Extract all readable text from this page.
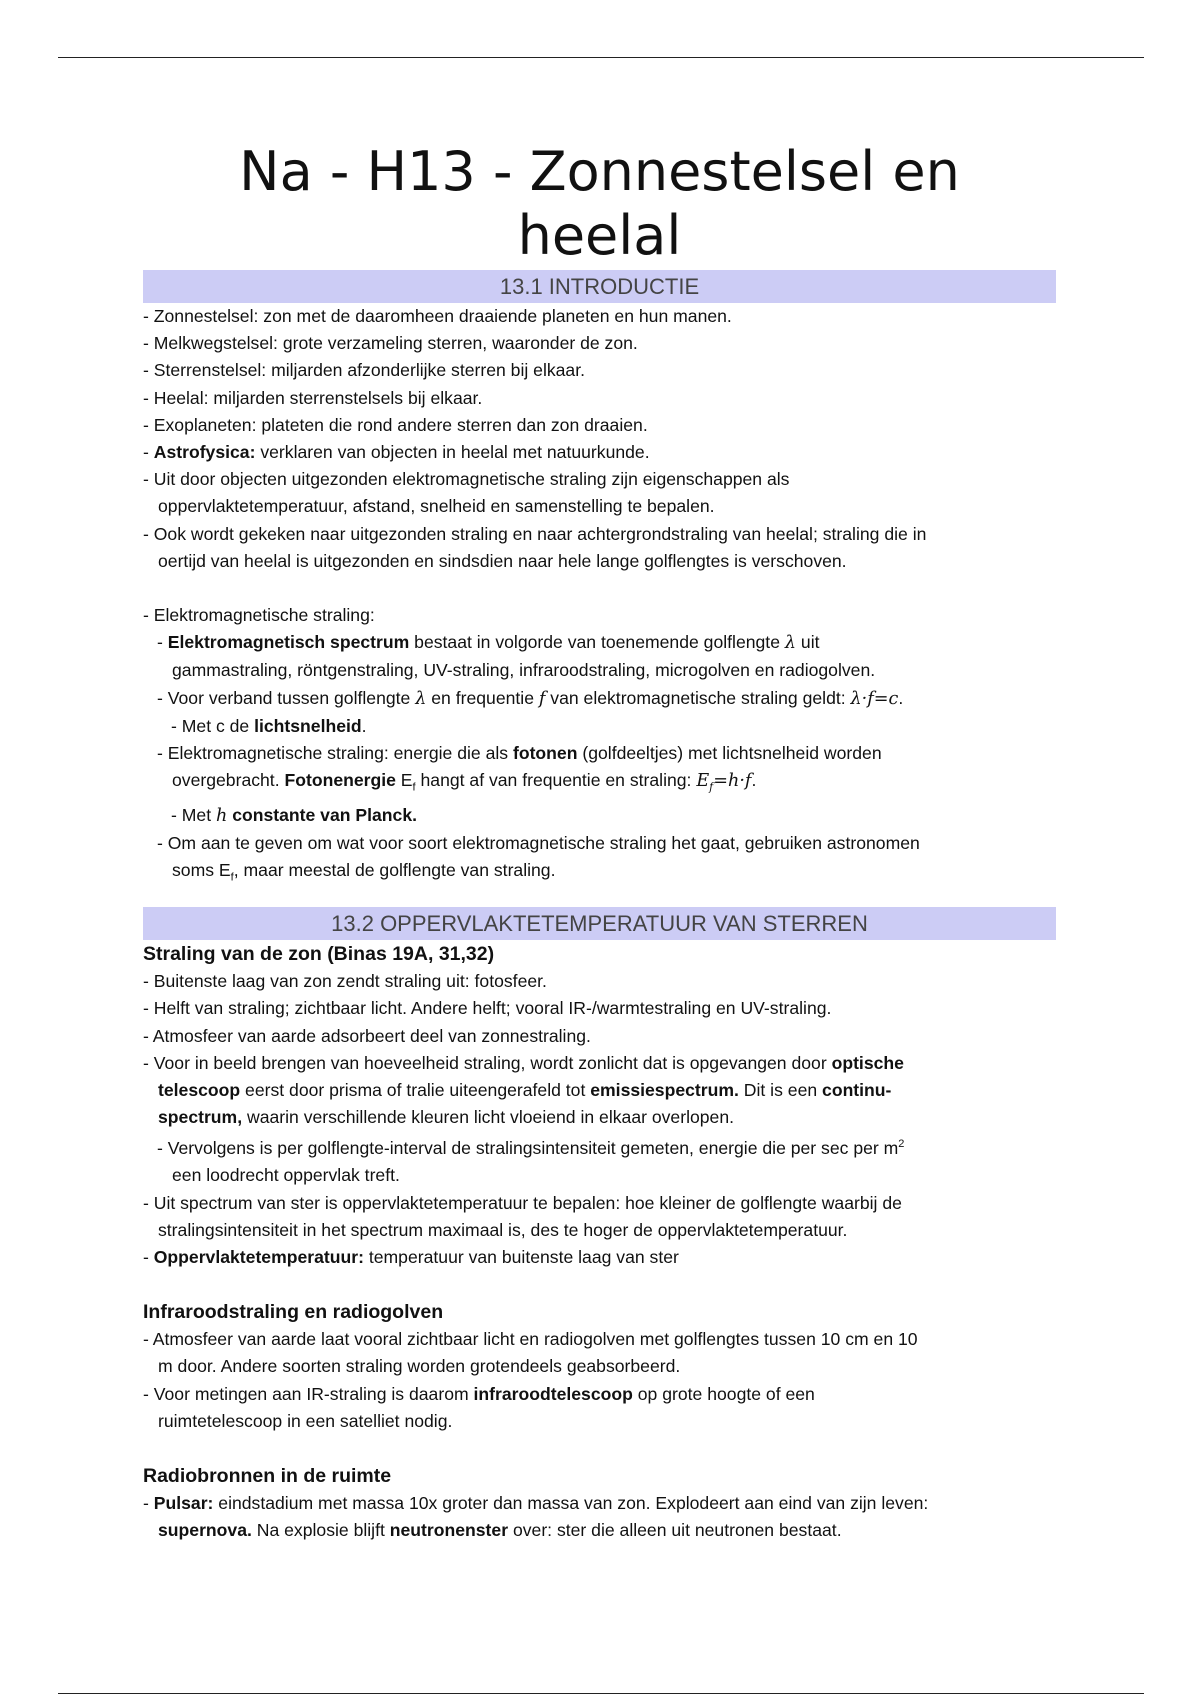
Na - H13 - Zonnestelsel en
heelal
13.1 INTRODUCTIE
- Zonnestelsel: zon met de daaromheen draaiende planeten en hun manen.
- Melkwegstelsel: grote verzameling sterren, waaronder de zon.
- Sterrenstelsel: miljarden afzonderlijke sterren bij elkaar.
- Heelal: miljarden sterrenstelsels bij elkaar.
- Exoplaneten: plateten die rond andere sterren dan zon draaien.
- Astrofysica: verklaren van objecten in heelal met natuurkunde.
- Uit door objecten uitgezonden elektromagnetische straling zijn eigenschappen als
oppervlaktetemperatuur, afstand, snelheid en samenstelling te bepalen.
- Ook wordt gekeken naar uitgezonden straling en naar achtergrondstraling van heelal; straling die in
oertijd van heelal is uitgezonden en sindsdien naar hele lange golflengtes is verschoven.
- Elektromagnetische straling:
- Elektromagnetisch spectrum bestaat in volgorde van toenemende golflengte λ uit
gammastraling, röntgenstraling, UV-straling, infraroodstraling, microgolven en radiogolven.
- Voor verband tussen golflengte λ en frequentie f van elektromagnetische straling geldt: λ·f=c.
- Met c de lichtsnelheid.
- Elektromagnetische straling: energie die als fotonen (golfdeeltjes) met lichtsnelheid worden
overgebracht. Fotonenergie $E_f$ hangt af van frequentie en straling: $E_f=h\cdot f$.
- Met h constante van Planck.
- Om aan te geven om wat voor soort elektromagnetische straling het gaat, gebruiken astronomen
soms $E_f$, maar meestal de golflengte van straling.
13.2 OPPERVLAKTETEMPERATUUR VAN STERREN
Straling van de zon (Binas 19A, 31,32)
- Buitenste laag van zon zendt straling uit: fotosfeer.
- Helft van straling; zichtbaar licht. Andere helft; vooral IR-/warmtestraling en UV-straling.
- Atmosfeer van aarde adsorbeert deel van zonnestraling.
- Voor in beeld brengen van hoeveelheid straling, wordt zonlicht dat is opgevangen door optische
telescoop eerst door prisma of tralie uiteengerafeld tot emissiespectrum. Dit is een continu-
spectrum, waarin verschillende kleuren licht vloeiend in elkaar overlopen.
- Vervolgens is per golflengte-interval de stralingsintensiteit gemeten, energie die per sec per $m^2$
een loodrecht oppervlak treft.
- Uit spectrum van ster is oppervlaktetemperatuur te bepalen: hoe kleiner de golflengte waarbij de
stralingsintensiteit in het spectrum maximaal is, des te hoger de oppervlaktetemperatuur.
- Oppervlaktetemperatuur: temperatuur van buitenste laag van ster
Infraroodstraling en radiogolven
- Atmosfeer van aarde laat vooral zichtbaar licht en radiogolven met golflengtes tussen 10 cm en 10
m door. Andere soorten straling worden grotendeels geabsorbeerd.
- Voor metingen aan IR-straling is daarom infraroodtelescoop op grote hoogte of een
ruimtetelescoop in een satelliet nodig.
Radiobronnen in de ruimte
- Pulsar: eindstadium met massa 10x groter dan massa van zon. Explodeert aan eind van zijn leven:
supernova. Na explosie blijft neutronenster over: ster die alleen uit neutronen bestaat.
